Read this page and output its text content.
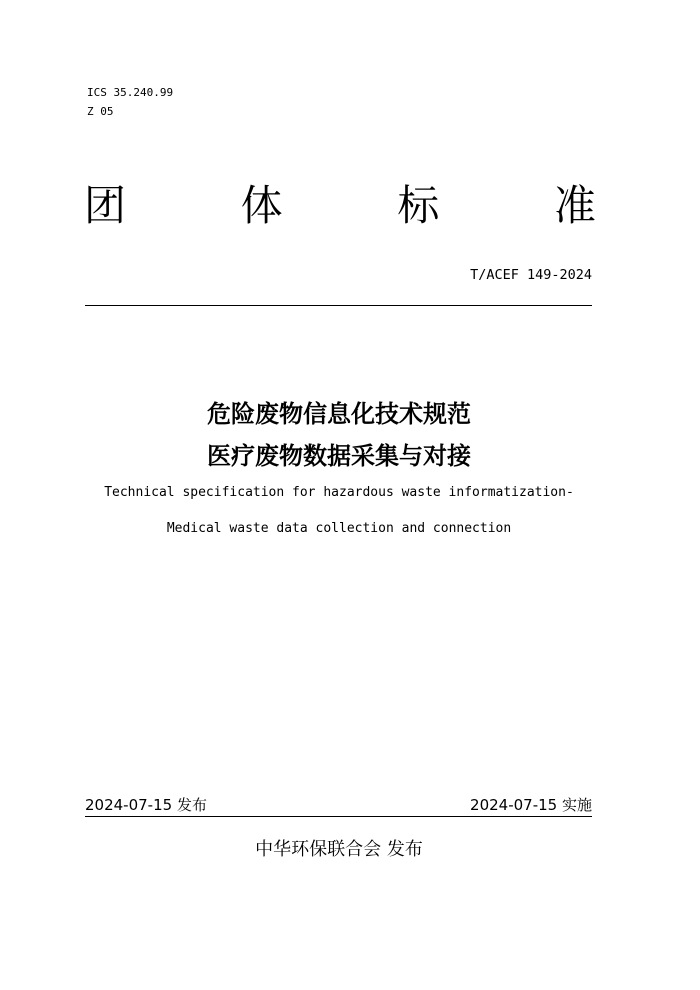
ICS 35.240.99
Z 05
团	体	标	准
T/ACEF 149-2024
危险废物信息化技术规范
医疗废物数据采集与对接
Technical specification for hazardous waste informatization-
Medical waste data collection and connection
2024-07-15 发布	2024-07-15 实施
中华环保联合会 发布
